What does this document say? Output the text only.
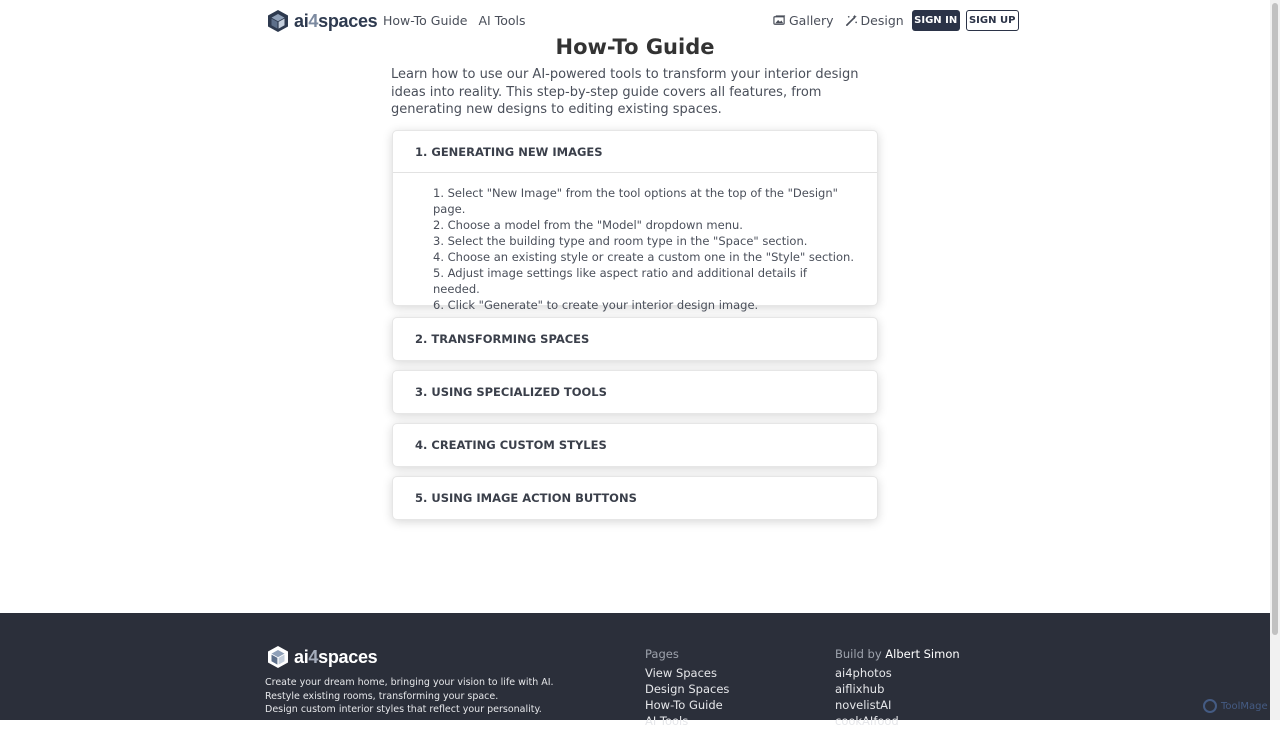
ai4spaces How-To Guide AI Tools	Gallery Design SIGN IN	SIGN UP
How-To Guide

Learn how to use our AI-powered tools to transform your interior design ideas into reality. This step-by-step guide covers all features, from generating new designs to editing existing spaces.

1. GENERATING NEW IMAGES
1. Select "New Image" from the tool options at the top of the "Design" page.
2. Choose a model from the "Model" dropdown menu.
3. Select the building type and room type in the "Space" section.
4. Choose an existing style or create a custom one in the "Style" section.
5. Adjust image settings like aspect ratio and additional details if needed.
6. Click "Generate" to create your interior design image.
2. TRANSFORMING SPACES
3. USING SPECIALIZED TOOLS
4. CREATING CUSTOM STYLES
5. USING IMAGE ACTION BUTTONS
ai4spaces
Create your dream home, bringing your vision to life with AI.
Restyle existing rooms, transforming your space.
Design custom interior styles that reflect your personality.
Pages
View Spaces
Design Spaces
How-To Guide
AI Tools
Build by Albert Simon
ai4photos
aiflixhub
novelistAI
cookAIfood
ToolMage
